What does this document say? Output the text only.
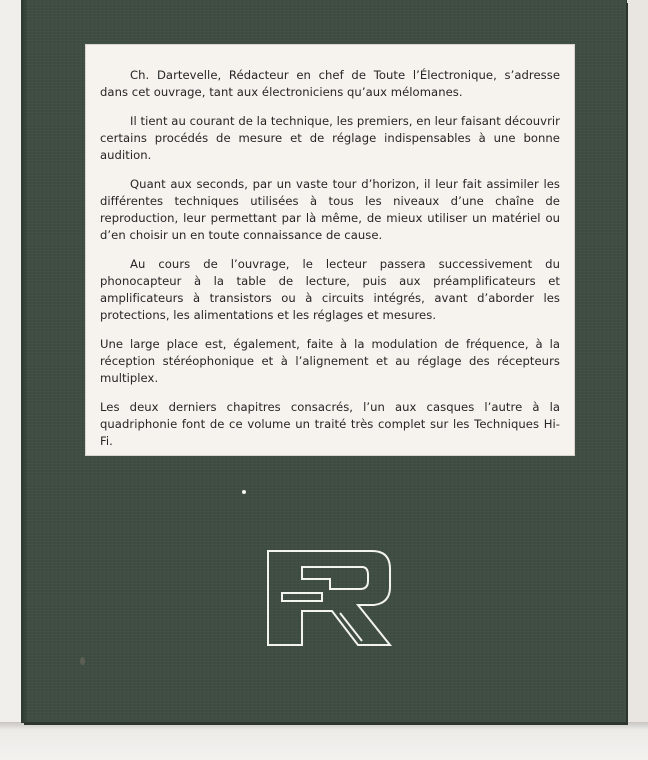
Ch. Dartevelle, Rédacteur en chef de Toute l’Électronique, s’adresse dans cet ouvrage, tant aux électroniciens qu’aux mélomanes.

Il tient au courant de la technique, les premiers, en leur faisant découvrir certains procédés de mesure et de réglage indispensables à une bonne audition.

Quant aux seconds, par un vaste tour d’horizon, il leur fait assimiler les différentes techniques utilisées à tous les niveaux d’une chaîne de reproduction, leur permettant par là même, de mieux utiliser un matériel ou d’en choisir un en toute connaissance de cause.

Au cours de l’ouvrage, le lecteur passera successivement du phonocapteur à la table de lecture, puis aux préamplificateurs et amplificateurs à transistors ou à circuits intégrés, avant d’aborder les protections, les alimentations et les réglages et mesures.

Une large place est, également, faite à la modulation de fréquence, à la réception stéréophonique et à l’alignement et au réglage des récepteurs multiplex.

Les deux derniers chapitres consacrés, l’un aux casques l’autre à la quadriphonie font de ce volume un traité très complet sur les Techniques Hi-Fi.
